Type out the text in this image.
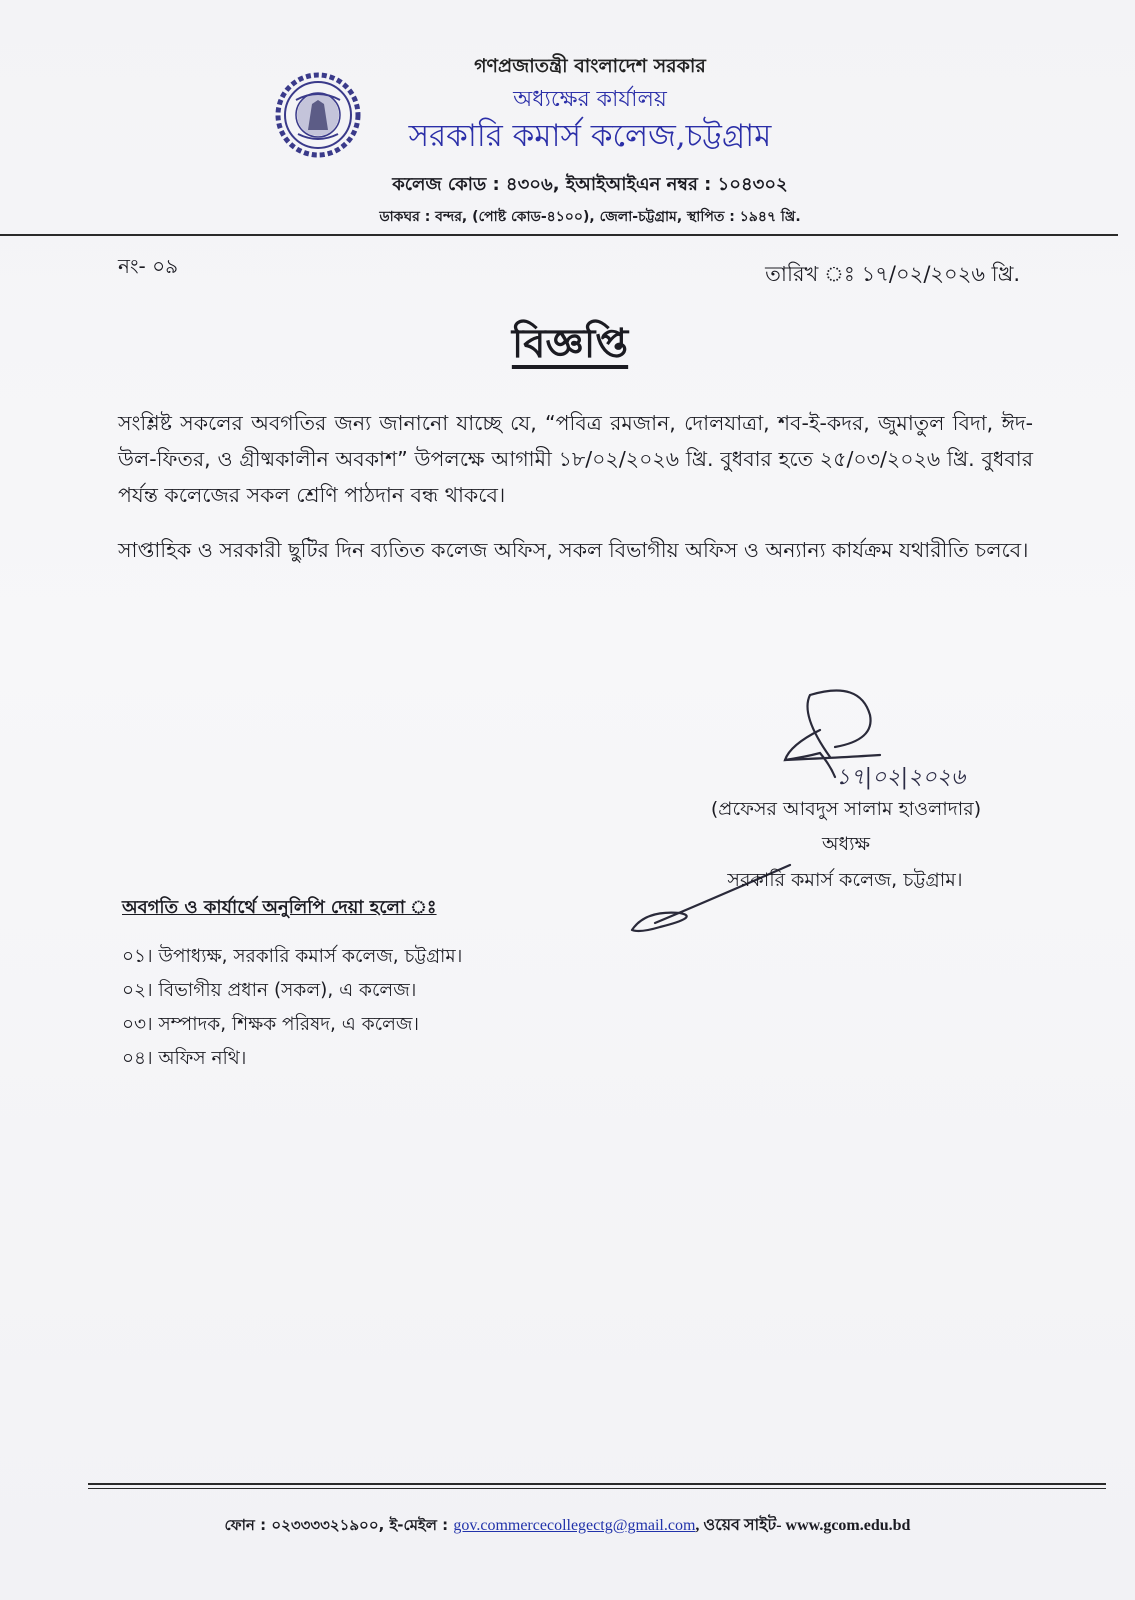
গণপ্রজাতন্ত্রী বাংলাদেশ সরকার
অধ্যক্ষের কার্যালয়
সরকারি কমার্স কলেজ,চট্টগ্রাম
কলেজ কোড : ৪৩০৬, ইআইআইএন নম্বর : ১০৪৩০২
ডাকঘর : বন্দর, (পোষ্ট কোড-৪১০০), জেলা-চট্টগ্রাম, স্থাপিত : ১৯৪৭ খ্রি.
নং- ০৯	তারিখ ঃ ১৭/০২/২০২৬ খ্রি.
বিজ্ঞপ্তি

সংশ্লিষ্ট সকলের অবগতির জন্য জানানো যাচ্ছে যে, “পবিত্র রমজান, দোলযাত্রা, শব-ই-কদর, জুমাতুল বিদা, ঈদ-উল-ফিতর, ও গ্রীষ্মকালীন অবকাশ” উপলক্ষে আগামী ১৮/০২/২০২৬ খ্রি. বুধবার হতে ২৫/০৩/২০২৬ খ্রি. বুধবার পর্যন্ত কলেজের সকল শ্রেণি পাঠদান বন্ধ থাকবে।

সাপ্তাহিক ও সরকারী ছুটির দিন ব্যতিত কলেজ অফিস, সকল বিভাগীয় অফিস ও অন্যান্য কার্যক্রম যথারীতি চলবে।

১৭|০২|২০২৬
(প্রফেসর আবদুস সালাম হাওলাদার)
অধ্যক্ষ
সরকারি কমার্স কলেজ, চট্টগ্রাম।
অবগতি ও কার্যার্থে অনুলিপি দেয়া হলো ঃ
০১। উপাধ্যক্ষ, সরকারি কমার্স কলেজ, চট্টগ্রাম।
০২। বিভাগীয় প্রধান (সকল), এ কলেজ।
০৩। সম্পাদক, শিক্ষক পরিষদ, এ কলেজ।
০৪। অফিস নথি।
ফোন : ০২৩৩৩৩২১৯০০, ই-মেইল : gov.commercecollegectg@gmail.com, ওয়েব সাইট- www.gcom.edu.bd
